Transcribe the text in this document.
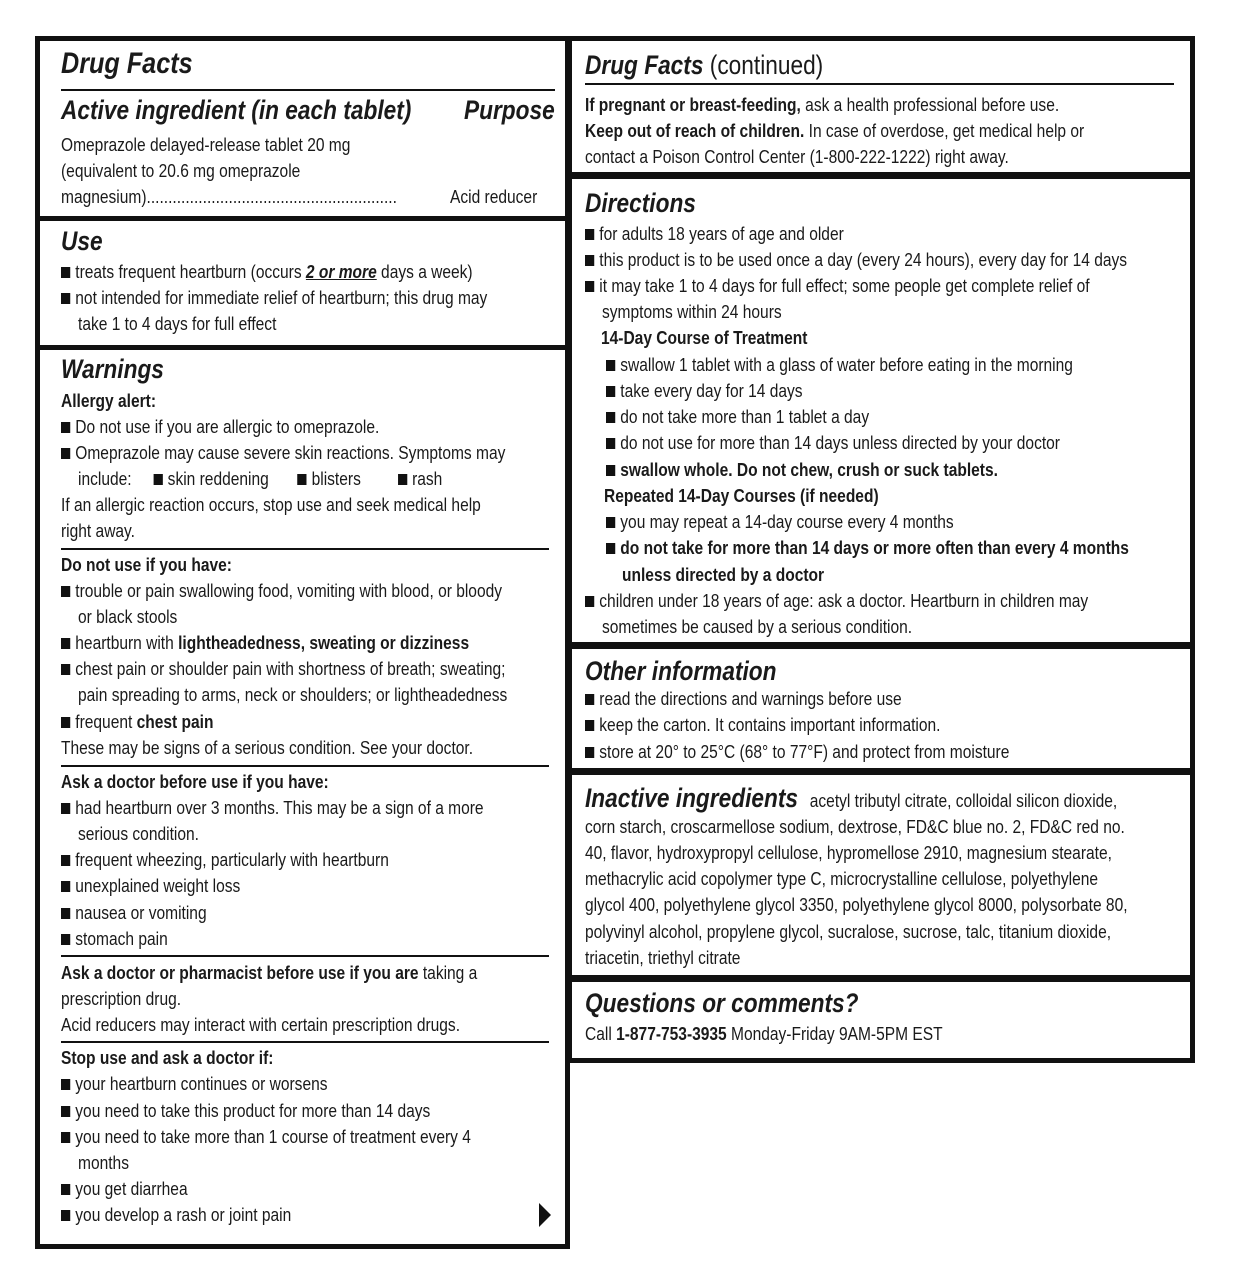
Drug Facts
Active ingredient (in each tablet) Purpose
Omeprazole delayed-release tablet 20 mg
(equivalent to 20.6 mg omeprazole
magnesium)..........................................................	Acid reducer
Use
treats frequent heartburn (occurs 2 or more days a week)
not intended for immediate relief of heartburn; this drug may
take 1 to 4 days for full effect
Warnings
Allergy alert:
Do not use if you are allergic to omeprazole.
Omeprazole may cause severe skin reactions. Symptoms may
include: skin reddening blisters	rash
If an allergic reaction occurs, stop use and seek medical help
right away.
Do not use if you have:
trouble or pain swallowing food, vomiting with blood, or bloody
or black stools
heartburn with lightheadedness, sweating or dizziness
chest pain or shoulder pain with shortness of breath; sweating;
pain spreading to arms, neck or shoulders; or lightheadedness
frequent chest pain
These may be signs of a serious condition. See your doctor.
Ask a doctor before use if you have:
had heartburn over 3 months. This may be a sign of a more
serious condition.
frequent wheezing, particularly with heartburn
unexplained weight loss
nausea or vomiting
stomach pain
Ask a doctor or pharmacist before use if you are taking a
prescription drug.
Acid reducers may interact with certain prescription drugs.
Stop use and ask a doctor if:
your heartburn continues or worsens
you need to take this product for more than 14 days
you need to take more than 1 course of treatment every 4
months
you get diarrhea
you develop a rash or joint pain
Drug Facts (continued)
If pregnant or breast-feeding, ask a health professional before use.
Keep out of reach of children. In case of overdose, get medical help or
contact a Poison Control Center (1-800-222-1222) right away.
Directions
for adults 18 years of age and older
this product is to be used once a day (every 24 hours), every day for 14 days
it may take 1 to 4 days for full effect; some people get complete relief of
symptoms within 24 hours
14-Day Course of Treatment
swallow 1 tablet with a glass of water before eating in the morning
take every day for 14 days
do not take more than 1 tablet a day
do not use for more than 14 days unless directed by your doctor
swallow whole. Do not chew, crush or suck tablets.
Repeated 14-Day Courses (if needed)
you may repeat a 14-day course every 4 months
do not take for more than 14 days or more often than every 4 months
unless directed by a doctor
children under 18 years of age: ask a doctor. Heartburn in children may
sometimes be caused by a serious condition.
Other information
read the directions and warnings before use
keep the carton. It contains important information.
store at 20° to 25°C (68° to 77°F) and protect from moisture
Inactive ingredients acetyl tributyl citrate, colloidal silicon dioxide,
corn starch, croscarmellose sodium, dextrose, FD&C blue no. 2, FD&C red no.
40, flavor, hydroxypropyl cellulose, hypromellose 2910, magnesium stearate,
methacrylic acid copolymer type C, microcrystalline cellulose, polyethylene
glycol 400, polyethylene glycol 3350, polyethylene glycol 8000, polysorbate 80,
polyvinyl alcohol, propylene glycol, sucralose, sucrose, talc, titanium dioxide,
triacetin, triethyl citrate
Questions or comments?
Call 1-877-753-3935 Monday-Friday 9AM-5PM EST
